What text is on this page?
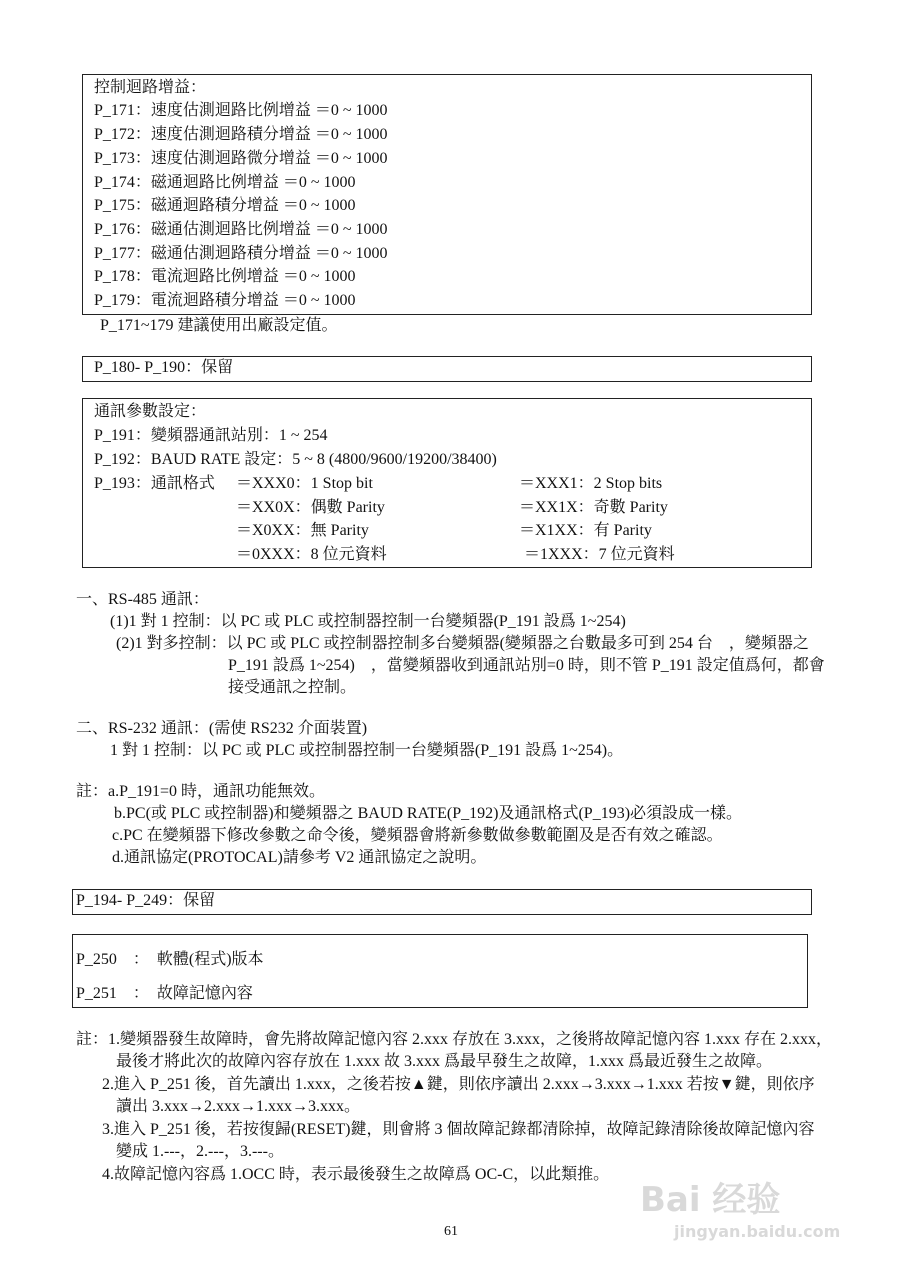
控制迴路增益：
P_171：速度估測迴路比例增益 ＝0 ~ 1000
P_172：速度估測迴路積分增益 ＝0 ~ 1000
P_173：速度估測迴路微分增益 ＝0 ~ 1000
P_174：磁通迴路比例增益 ＝0 ~ 1000
P_175：磁通迴路積分增益 ＝0 ~ 1000
P_176：磁通估測迴路比例增益 ＝0 ~ 1000
P_177：磁通估測迴路積分增益 ＝0 ~ 1000
P_178：電流迴路比例增益 ＝0 ~ 1000
P_179：電流迴路積分增益 ＝0 ~ 1000
P_171~179 建議使用出廠設定值。
P_180- P_190：保留
通訊參數設定：
P_191：變頻器通訊站別：1 ~ 254
P_192：BAUD RATE 設定：5 ~ 8 (4800/9600/19200/38400)
P_193：通訊格式 ＝XXX0：1 Stop bit
＝XX0X：偶數 Parity
＝X0XX：無 Parity
＝0XXX：8 位元資料
＝XXX1：2 Stop bits
＝XX1X：奇數 Parity
＝X1XX：有 Parity
＝1XXX：7 位元資料
一、RS-485 通訊：
(1)1 對 1 控制：以 PC 或 PLC 或控制器控制一台變頻器(P_191 設爲 1~254)
(2)1 對多控制：以 PC 或 PLC 或控制器控制多台變頻器(變頻器之台數最多可到 254 台　，變頻器之
P_191 設爲 1~254)　，當變頻器收到通訊站別=0 時，則不管 P_191 設定值爲何，都會
接受通訊之控制。
二、RS-232 通訊：(需使 RS232 介面裝置)
1 對 1 控制：以 PC 或 PLC 或控制器控制一台變頻器(P_191 設爲 1~254)。
註：a.P_191=0 時，通訊功能無效。
b.PC(或 PLC 或控制器)和變頻器之 BAUD RATE(P_192)及通訊格式(P_193)必須設成一樣。
c.PC 在變頻器下修改參數之命令後，變頻器會將新參數做參數範圍及是否有效之確認。
d.通訊協定(PROTOCAL)請參考 V2 通訊協定之說明。
P_194- P_249：保留
P_250　：　軟體(程式)版本
P_251　：　故障記憶內容
註：1.變頻器發生故障時，會先將故障記憶內容 2.xxx 存放在 3.xxx，之後將故障記憶內容 1.xxx 存在 2.xxx，
最後才將此次的故障內容存放在 1.xxx 故 3.xxx 爲最早發生之故障，1.xxx 爲最近發生之故障。
2.進入 P_251 後，首先讀出 1.xxx，之後若按▲鍵，則依序讀出 2.xxx→3.xxx→1.xxx 若按▼鍵，則依序
讀出 3.xxx→2.xxx→1.xxx→3.xxx。
3.進入 P_251 後，若按復歸(RESET)鍵，則會將 3 個故障記錄都清除掉，故障記錄清除後故障記憶內容
變成 1.---，2.---，3.---。
4.故障記憶內容爲 1.OCC 時，表示最後發生之故障爲 OC-C，以此類推。
61
Bai 经验
jingyan.baidu.com
